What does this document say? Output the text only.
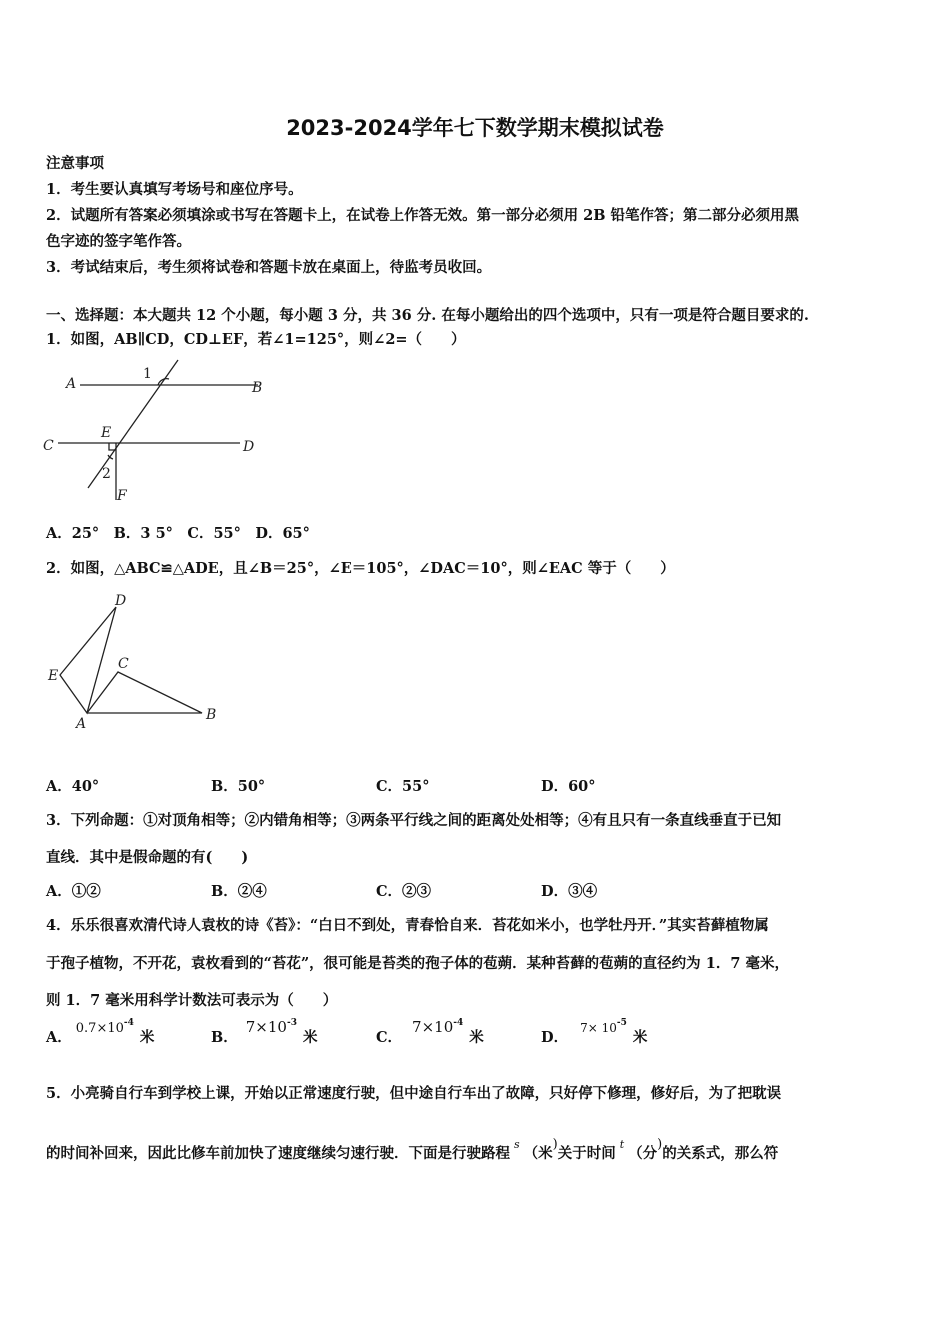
2023-2024学年七下数学期末模拟试卷
注意事项
1．考生要认真填写考场号和座位序号。
2．试题所有答案必须填涂或书写在答题卡上，在试卷上作答无效。第一部分必须用 2B 铅笔作答；第二部分必须用黑
色字迹的签字笔作答。
3．考试结束后，考生须将试卷和答题卡放在桌面上，待监考员收回。
一、选择题：本大题共 12 个小题，每小题 3 分，共 36 分. 在每小题给出的四个选项中，只有一项是符合题目要求的.
1．如图，AB∥CD，CD⊥EF，若∠1=125°，则∠2=（　　）
A	B
C	D
E
F
1
2
A．25°　B．3 5°　C．55°　D．65°
2．如图，△ABC≌△ADE，且∠B＝25°，∠E＝105°，∠DAC＝10°，则∠EAC 等于（　　）
D
C
E
A
B
A．40°	B．50°	C．55°	D．60°
3．下列命题：①对顶角相等；②内错角相等；③两条平行线之间的距离处处相等；④有且只有一条直线垂直于已知
直线．其中是假命题的有(　　)
A．①②	B．②④	C．②③	D．③④
4．乐乐很喜欢清代诗人袁枚的诗《苔》：“白日不到处，青春恰自来．苔花如米小，也学牡丹开．”其实苔藓植物属
于孢子植物，不开花，袁枚看到的“苔花”，很可能是苔类的孢子体的苞蒴．某种苔藓的苞蒴的直径约为 1．7 毫米，
则 1．7 毫米用科学计数法可表示为（　　）
A．$0.7\times 10^{-4}$米	B．$7\times 10^{-3}$米	C．$7\times 10^{-4}$米	D．$^{7\times 10-5}$米
5．小亮骑自行车到学校上课，开始以正常速度行驶，但中途自行车出了故障，只好停下修理，修好后，为了把耽误
的时间补回来，因此比修车前加快了速度继续匀速行驶．下面是行驶路程$^s$（米)关于时间$^t$（分)的关系式，那么符
